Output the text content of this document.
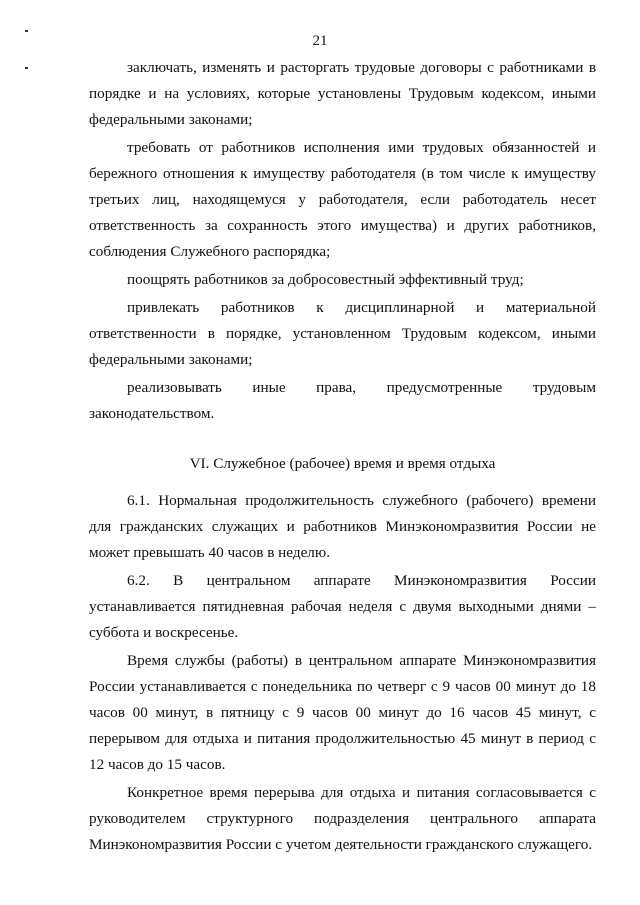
21

заключать, изменять и расторгать трудовые договоры с работниками в порядке и на условиях, которые установлены Трудовым кодексом, иными федеральными законами;

требовать от работников исполнения ими трудовых обязанностей и бережного отношения к имуществу работодателя (в том числе к имуществу третьих лиц, находящемуся у работодателя, если работодатель несет ответственность за сохранность этого имущества) и других работников, соблюдения Служебного распорядка;

поощрять работников за добросовестный эффективный труд;

привлекать работников к дисциплинарной и материальной ответственности в порядке, установленном Трудовым кодексом, иными федеральными законами;

реализовывать иные права, предусмотренные трудовым законодательством.

VI. Служебное (рабочее) время и время отдыха

6.1. Нормальная продолжительность служебного (рабочего) времени для гражданских служащих и работников Минэкономразвития России не может превышать 40 часов в неделю.

6.2. В центральном аппарате Минэкономразвития России устанавливается пятидневная рабочая неделя с двумя выходными днями – суббота и воскресенье.

Время службы (работы) в центральном аппарате Минэкономразвития России устанавливается с понедельника по четверг с 9 часов 00 минут до 18 часов 00 минут, в пятницу с 9 часов 00 минут до 16 часов 45 минут, с перерывом для отдыха и питания продолжительностью 45 минут в период с 12 часов до 15 часов.

Конкретное время перерыва для отдыха и питания согласовывается с руководителем структурного подразделения центрального аппарата Минэкономразвития России с учетом деятельности гражданского служащего.
